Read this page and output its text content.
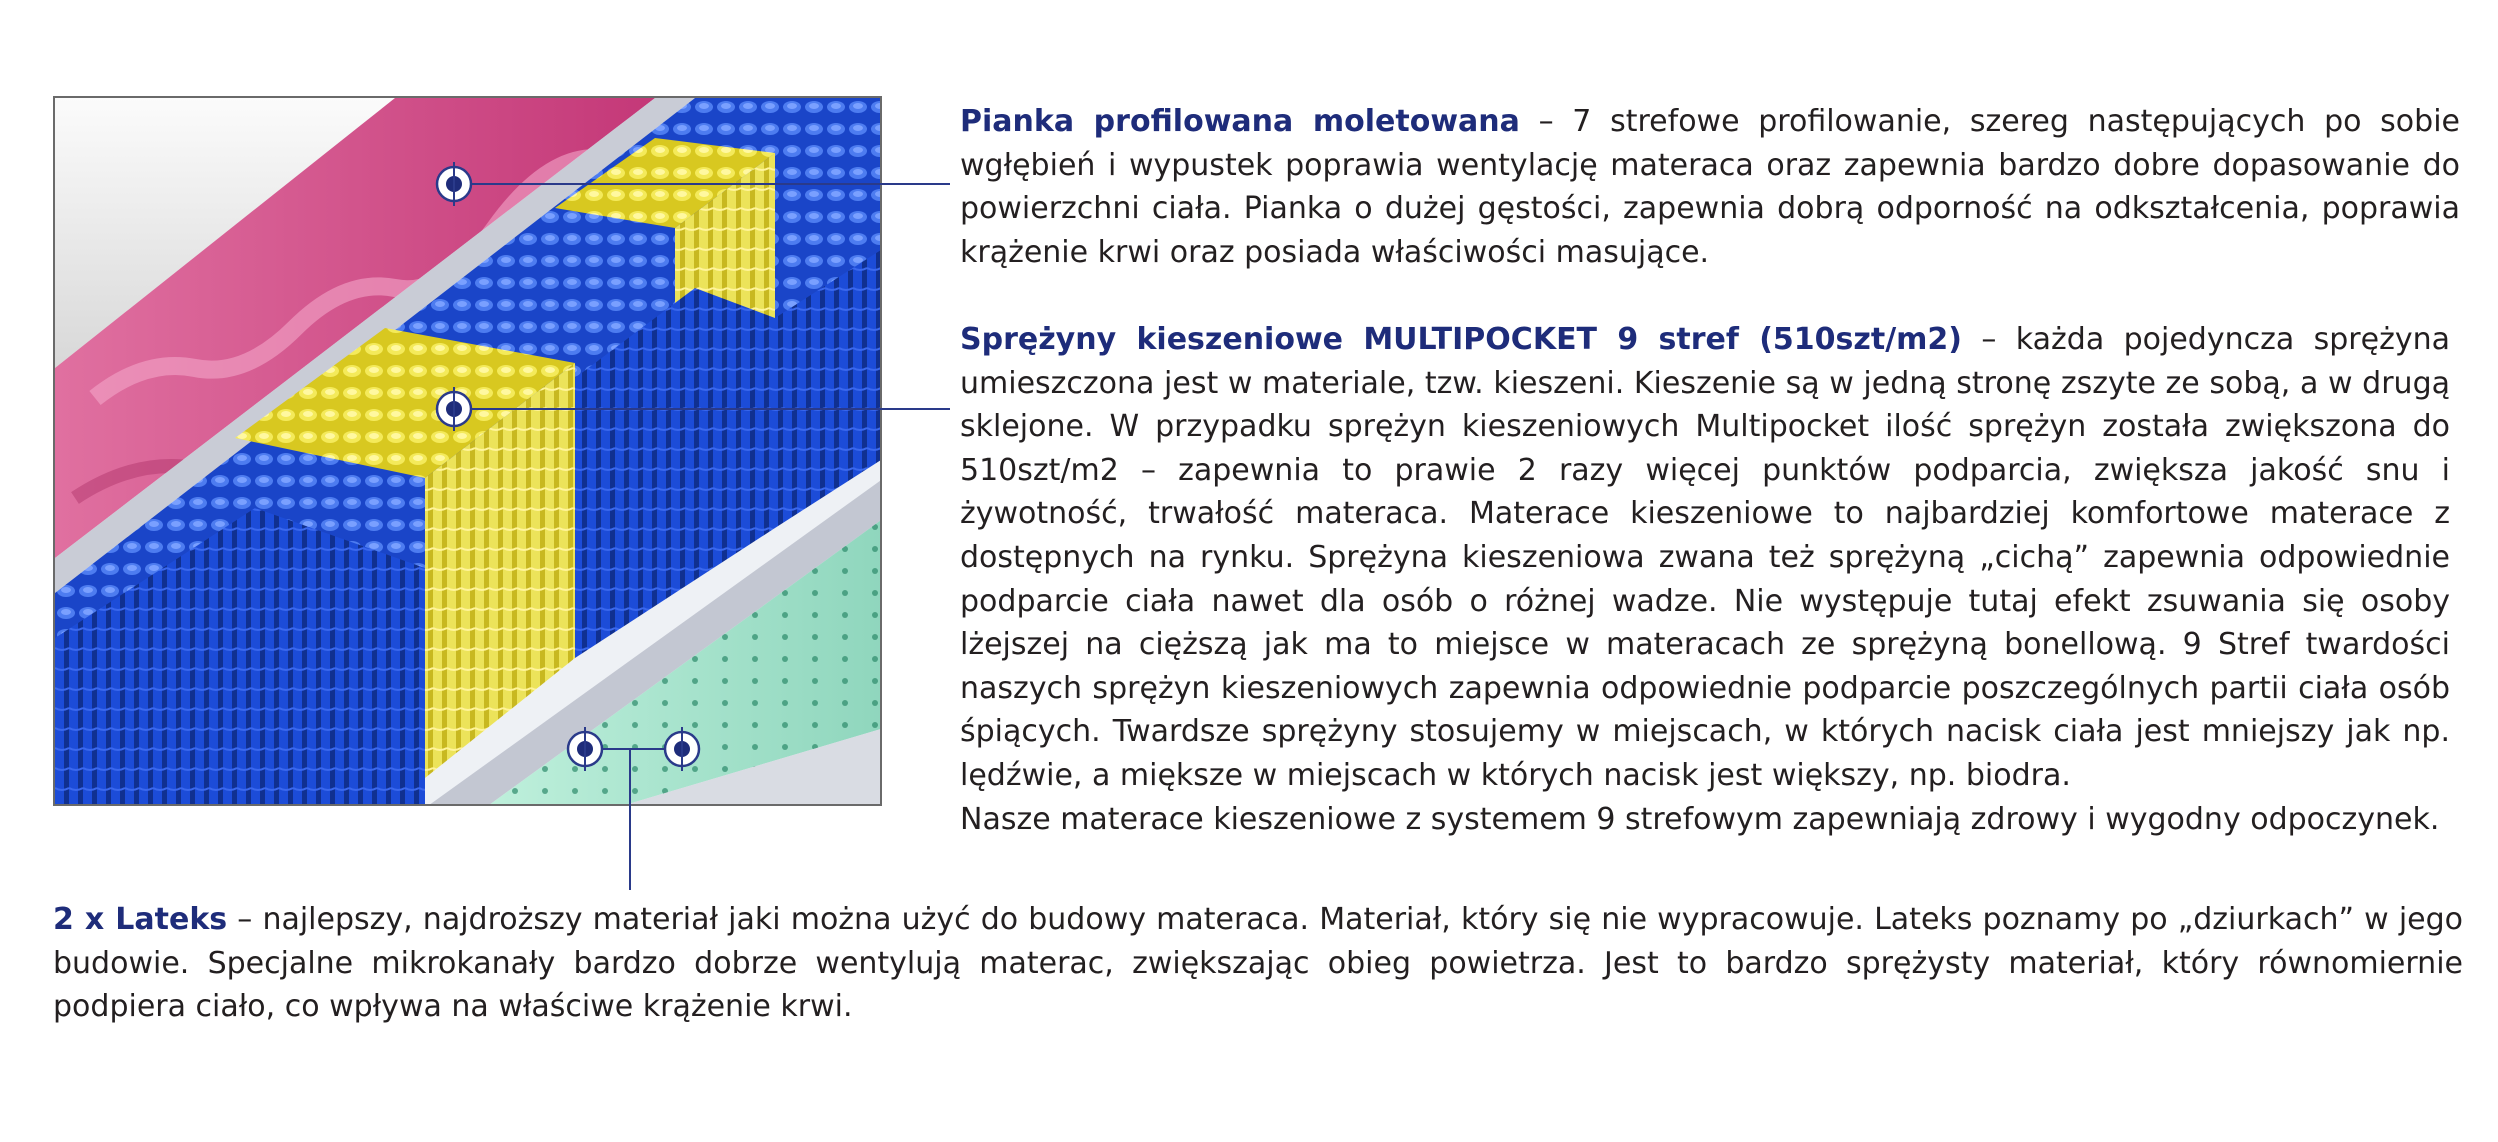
Pianka profilowana moletowana – 7 strefowe profilowanie, szereg następujących po sobie wgłębień i wypustek poprawia wentylację materaca oraz zapewnia bardzo dobre dopasowanie do powierzchni ciała. Pianka o dużej gęstości, zapewnia dobrą odporność na odkształcenia, poprawia krążenie krwi oraz posiada właściwości masujące.

Sprężyny kieszeniowe MULTIPOCKET 9 stref (510szt/m2) – każda pojedyncza sprężyna umieszczona jest w materiale, tzw. kieszeni. Kieszenie są w jedną stronę zszyte ze sobą, a w drugą sklejone. W przypadku sprężyn kieszeniowych Multipocket ilość sprężyn została zwiększona do 510szt/m2 – zapewnia to prawie 2 razy więcej punktów podparcia, zwiększa jakość snu i żywotność, trwałość materaca. Materace kieszeniowe to najbardziej komfortowe materace z dostępnych na rynku. Sprężyna kieszeniowa zwana też sprężyną „cichą” zapewnia odpowiednie podparcie ciała nawet dla osób o różnej wadze. Nie występuje tutaj efekt zsuwania się osoby lżejszej na cięższą jak ma to miejsce w materacach ze sprężyną bonellową. 9 Stref twardości naszych sprężyn kieszeniowych zapewnia odpowiednie podparcie poszczególnych partii ciała osób śpiących. Twardsze sprężyny stosujemy w miejscach, w których nacisk ciała jest mniejszy jak np. lędźwie, a miększe w miejscach w których nacisk jest większy, np. biodra.
Nasze materace kieszeniowe z systemem 9 strefowym zapewniają zdrowy i wygodny odpoczynek.

2 x Lateks – najlepszy, najdroższy materiał jaki można użyć do budowy materaca. Materiał, który się nie wypracowuje. Lateks poznamy po „dziurkach” w jego budowie. Specjalne mikrokanały bardzo dobrze wentylują materac, zwiększając obieg powietrza. Jest to bardzo sprężysty materiał, który równomiernie podpiera ciało, co wpływa na właściwe krążenie krwi.
